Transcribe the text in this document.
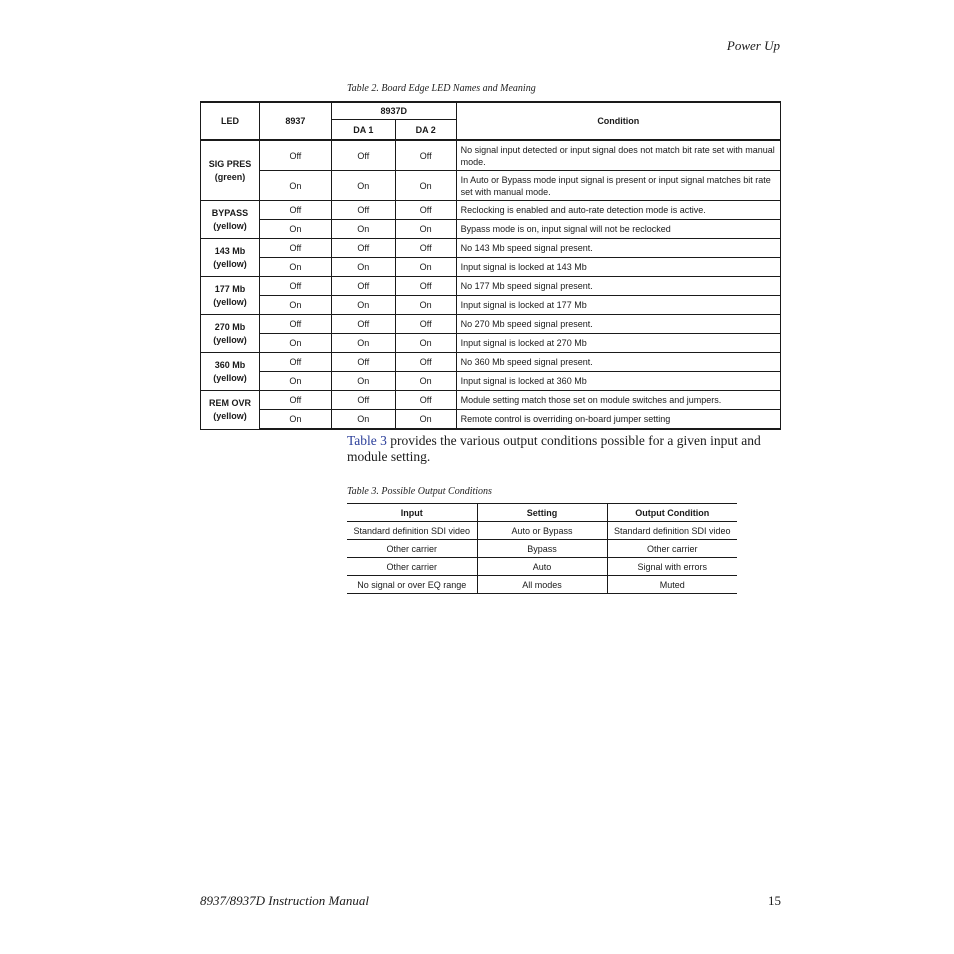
Power Up
Table 2. Board Edge LED Names and Meaning
LED	8937	8937D		Condition
		DA 1	DA 2	

SIG PRES
(green)	Off	Off	Off	No signal input detected or input signal does not match bit rate set with manual mode.
	On	On	On	In Auto or Bypass mode input signal is present or input signal matches bit rate set with manual mode.

BYPASS
(yellow)	Off	Off	Off	Reclocking is enabled and auto-rate detection mode is active.
	On	On	On	Bypass mode is on, input signal will not be reclocked

143 Mb
(yellow)	Off	Off	Off	No 143 Mb speed signal present.
	On	On	On	Input signal is locked at 143 Mb

177 Mb
(yellow)	Off	Off	Off	No 177 Mb speed signal present.
	On	On	On	Input signal is locked at 177 Mb

270 Mb
(yellow)	Off	Off	Off	No 270 Mb speed signal present.
	On	On	On	Input signal is locked at 270 Mb

360 Mb
(yellow)	Off	Off	Off	No 360 Mb speed signal present.
	On	On	On	Input signal is locked at 360 Mb

REM OVR
(yellow)	Off	Off	Off	Module setting match those set on module switches and jumpers.
	On	On	On	Remote control is overriding on-board jumper setting
Table 3 provides the various output conditions possible for a given input and module setting.
Table 3. Possible Output Conditions
Input	Setting	Output Condition
Standard definition SDI video	Auto or Bypass	Standard definition SDI video
Other carrier	Bypass	Other carrier
Other carrier	Auto	Signal with errors
No signal or over EQ range	All modes	Muted
8937/8937D Instruction Manual	15
